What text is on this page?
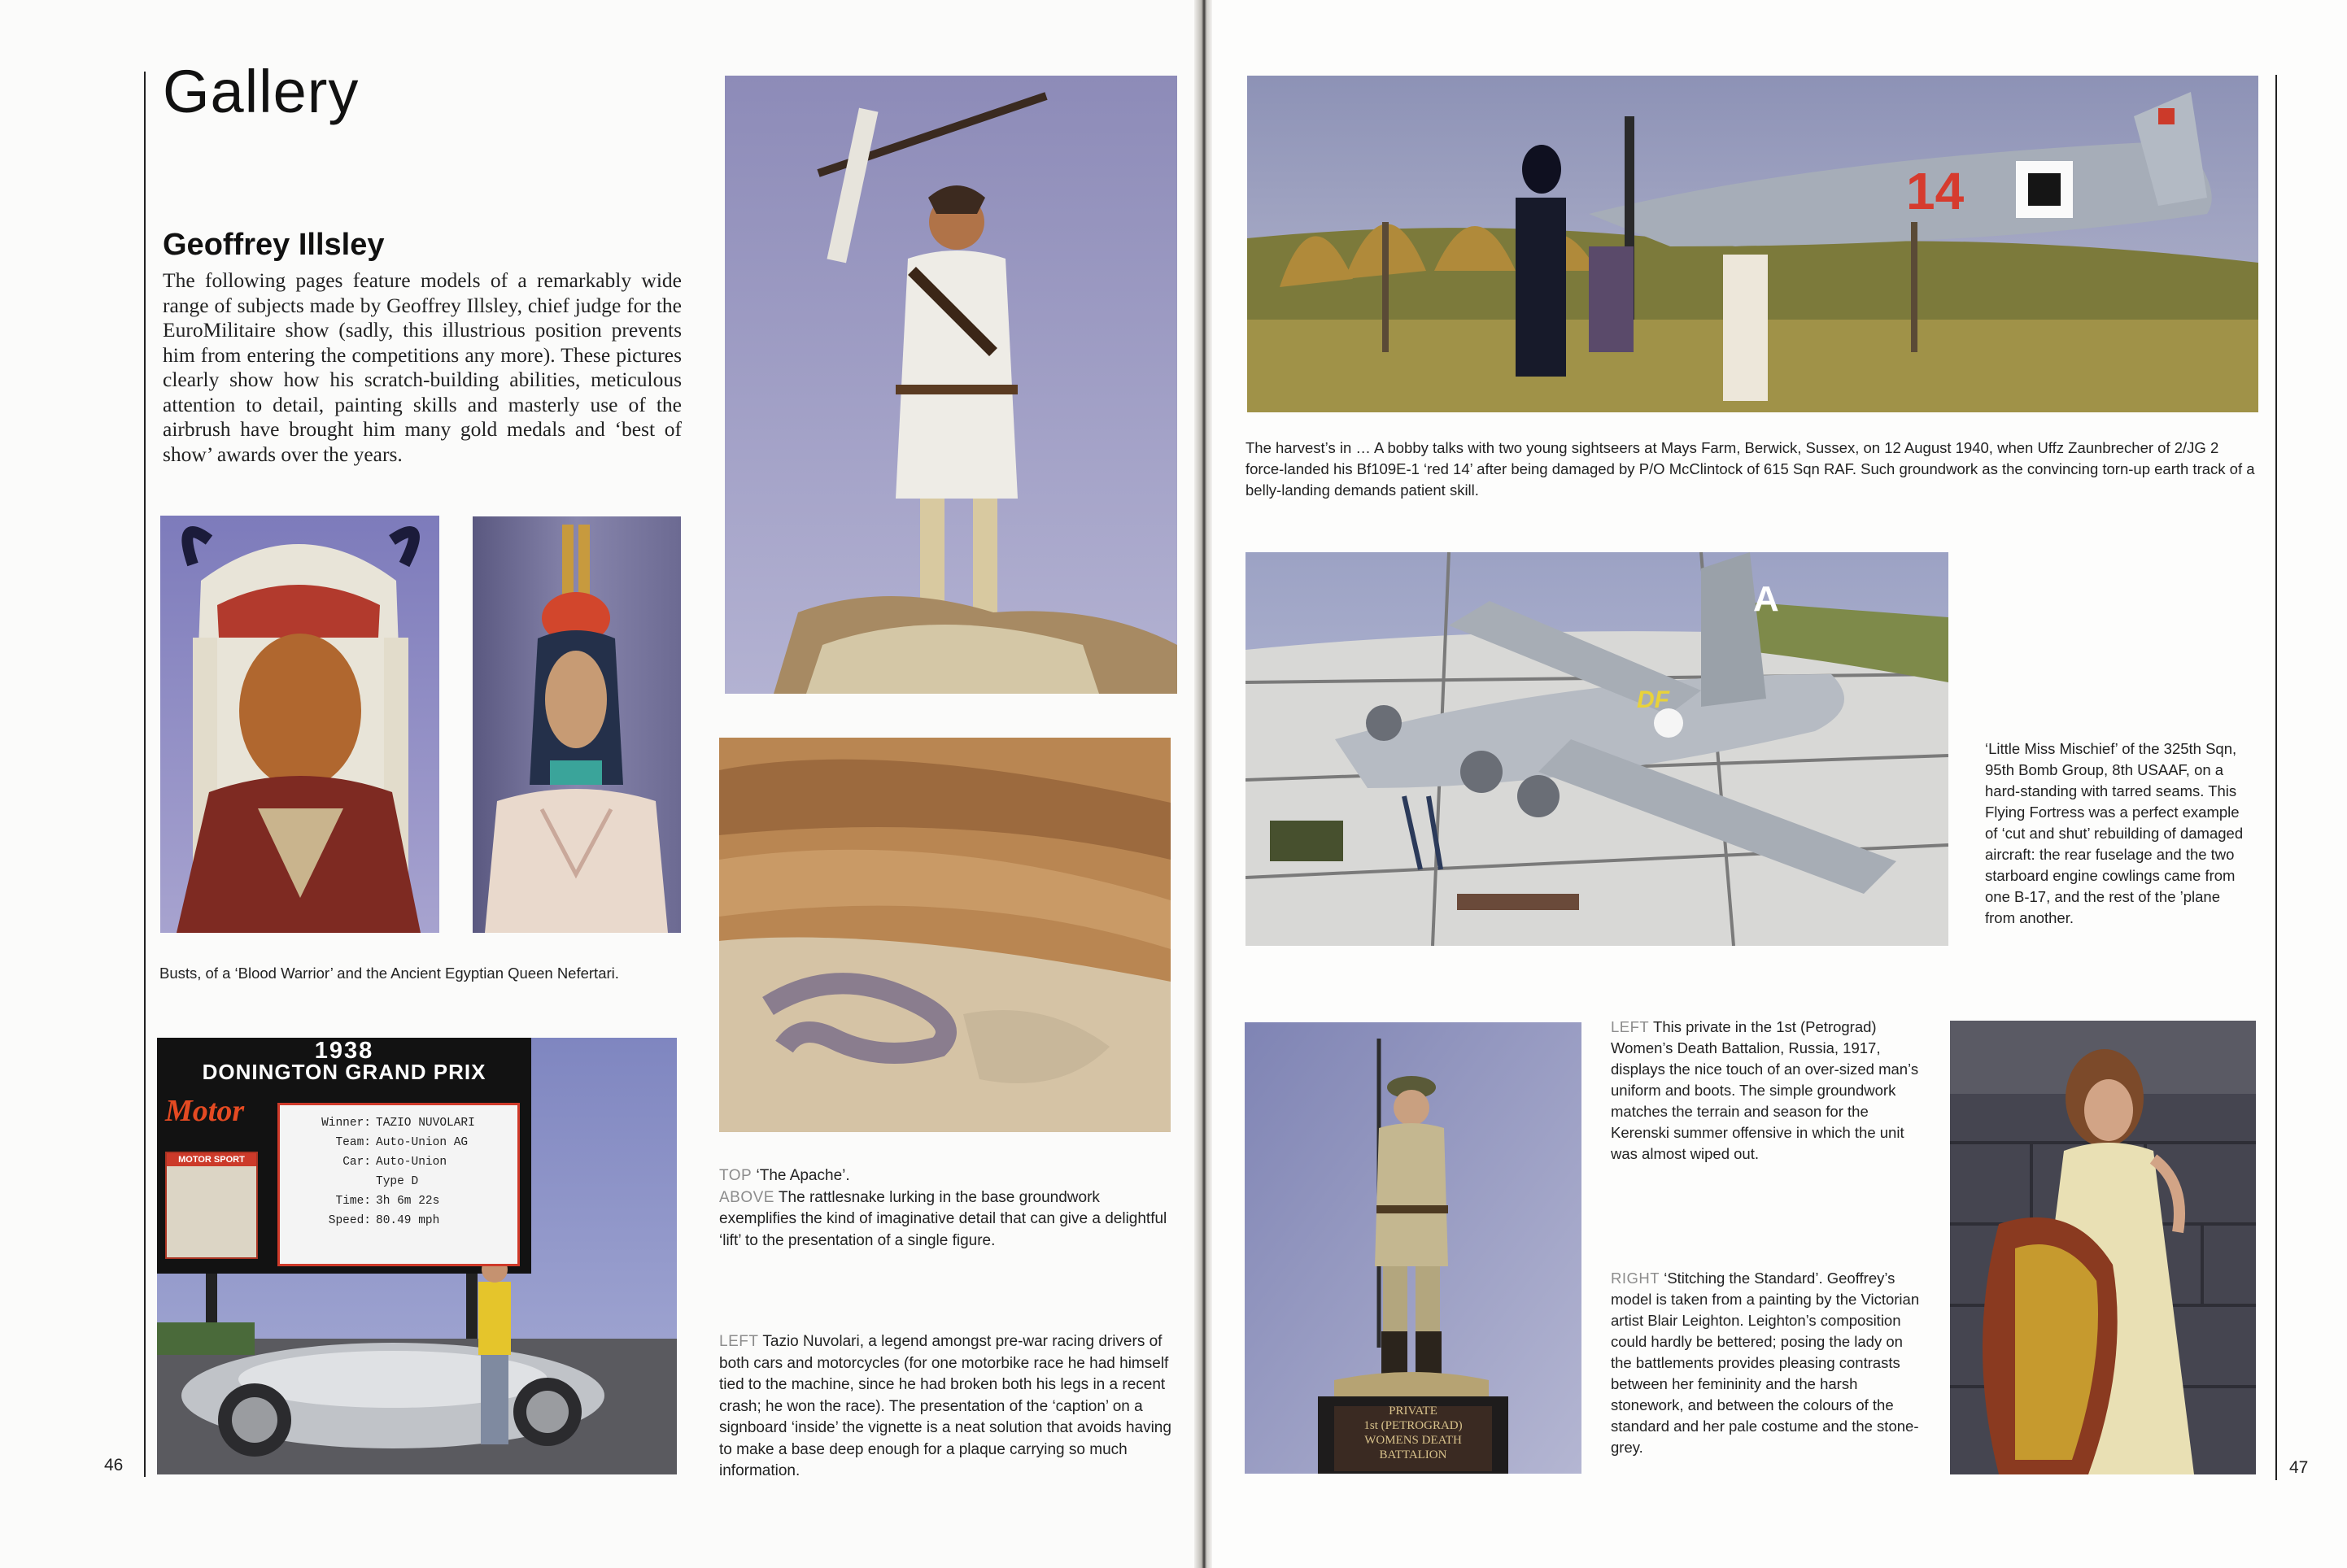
Gallery
Geoffrey Illsley
The following pages feature models of a remarkably wide range of subjects made by Geoffrey Illsley, chief judge for the EuroMilitaire show (sadly, this illustrious position prevents him from entering the competitions any more). These pictures clearly show how his scratch-building abilities, meticulous attention to detail, painting skills and masterly use of the airbrush have brought him many gold medals and ‘best of show’ awards over the years.
Busts, of a ‘Blood Warrior’ and the Ancient Egyptian Queen Nefertari.
1938
DONINGTON GRAND PRIX
Motor
MOTOR SPORT
Winner: TAZIO NUVOLARI
Team: Auto-Union AG
Car: Auto-Union
Type D
Time: 3h 6m 22s
Speed: 80.49 mph
TOP ‘The Apache’.
ABOVE The rattlesnake lurking in the base groundwork exemplifies the kind of imaginative detail that can give a delightful ‘lift’ to the presentation of a single figure.
LEFT Tazio Nuvolari, a legend amongst pre-war racing drivers of both cars and motorcycles (for one motorbike race he had himself tied to the machine, since he had broken both his legs in a recent crash; he won the race). The presentation of the ‘caption’ on a signboard ‘inside’ the vignette is a neat solution that avoids having to make a base deep enough for a plaque carrying so much information.
46
14
The harvest’s in … A bobby talks with two young sightseers at Mays Farm, Berwick, Sussex, on 12 August 1940, when Uffz Zaunbrecher of 2/JG 2 force-landed his Bf109E-1 ‘red 14’ after being damaged by P/O McClintock of 615 Sqn RAF. Such groundwork as the convincing torn-up earth track of a belly-landing demands patient skill.
A
DF
‘Little Miss Mischief’ of the 325th Sqn, 95th Bomb Group, 8th USAAF, on a hard-standing with tarred seams. This Flying Fortress was a perfect example of ‘cut and shut’ rebuilding of damaged aircraft: the rear fuselage and the two starboard engine cowlings came from one B-17, and the rest of the ’plane from another.
PRIVATE
1st (PETROGRAD)
WOMENS DEATH
BATTALION
LEFT This private in the 1st (Petrograd) Women’s Death Battalion, Russia, 1917, displays the nice touch of an over-sized man’s uniform and boots. The simple groundwork matches the terrain and season for the Kerenski summer offensive in which the unit was almost wiped out.
RIGHT ‘Stitching the Standard’. Geoffrey’s model is taken from a painting by the Victorian artist Blair Leighton. Leighton’s composition could hardly be bettered; posing the lady on the battlements provides pleasing contrasts between her femininity and the harsh stonework, and between the colours of the standard and her pale costume and the stone-grey.
47
